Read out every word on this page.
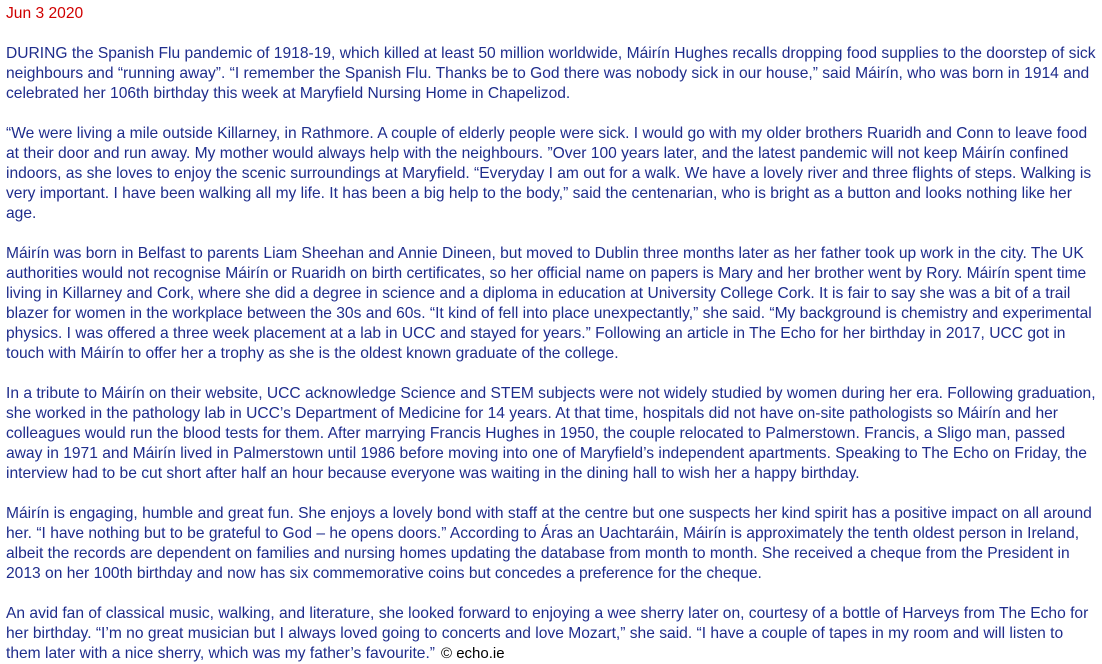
Jun 3 2020

DURING the Spanish Flu pandemic of 1918-19, which killed at least 50 million worldwide, Máirín Hughes recalls dropping food supplies to the doorstep of sick neighbours and “running away”. “I remember the Spanish Flu. Thanks be to God there was nobody sick in our house,” said Máirín, who was born in 1914 and celebrated her 106th birthday this week at Maryfield Nursing Home in Chapelizod.

“We were living a mile outside Killarney, in Rathmore. A couple of elderly people were sick. I would go with my older brothers Ruaridh and Conn to leave food at their door and run away. My mother would always help with the neighbours. ”Over 100 years later, and the latest pandemic will not keep Máirín confined indoors, as she loves to enjoy the scenic surroundings at Maryfield. “Everyday I am out for a walk. We have a lovely river and three flights of steps. Walking is very important. I have been walking all my life. It has been a big help to the body,” said the centenarian, who is bright as a button and looks nothing like her age.

Máirín was born in Belfast to parents Liam Sheehan and Annie Dineen, but moved to Dublin three months later as her father took up work in the city. The UK authorities would not recognise Máirín or Ruaridh on birth certificates, so her official name on papers is Mary and her brother went by Rory. Máirín spent time living in Killarney and Cork, where she did a degree in science and a diploma in education at University College Cork. It is fair to say she was a bit of a trail blazer for women in the workplace between the 30s and 60s. “It kind of fell into place unexpectantly,” she said. “My background is chemistry and experimental physics. I was offered a three week placement at a lab in UCC and stayed for years.” Following an article in The Echo for her birthday in 2017, UCC got in touch with Máirín to offer her a trophy as she is the oldest known graduate of the college.

In a tribute to Máirín on their website, UCC acknowledge Science and STEM subjects were not widely studied by women during her era. Following graduation, she worked in the pathology lab in UCC’s Department of Medicine for 14 years. At that time, hospitals did not have on-site pathologists so Máirín and her colleagues would run the blood tests for them. After marrying Francis Hughes in 1950, the couple relocated to Palmerstown. Francis, a Sligo man, passed away in 1971 and Máirín lived in Palmerstown until 1986 before moving into one of Maryfield’s independent apartments. Speaking to The Echo on Friday, the interview had to be cut short after half an hour because everyone was waiting in the dining hall to wish her a happy birthday.

Máirín is engaging, humble and great fun. She enjoys a lovely bond with staff at the centre but one suspects her kind spirit has a positive impact on all around her. “I have nothing but to be grateful to God – he opens doors.” According to Áras an Uachtaráin, Máirín is approximately the tenth oldest person in Ireland, albeit the records are dependent on families and nursing homes updating the database from month to month. She received a cheque from the President in 2013 on her 100th birthday and now has six commemorative coins but concedes a preference for the cheque.

An avid fan of classical music, walking, and literature, she looked forward to enjoying a wee sherry later on, courtesy of a bottle of Harveys from The Echo for her birthday. “I’m no great musician but I always loved going to concerts and love Mozart,” she said. “I have a couple of tapes in my room and will listen to them later with a nice sherry, which was my father’s favourite.” © echo.ie
